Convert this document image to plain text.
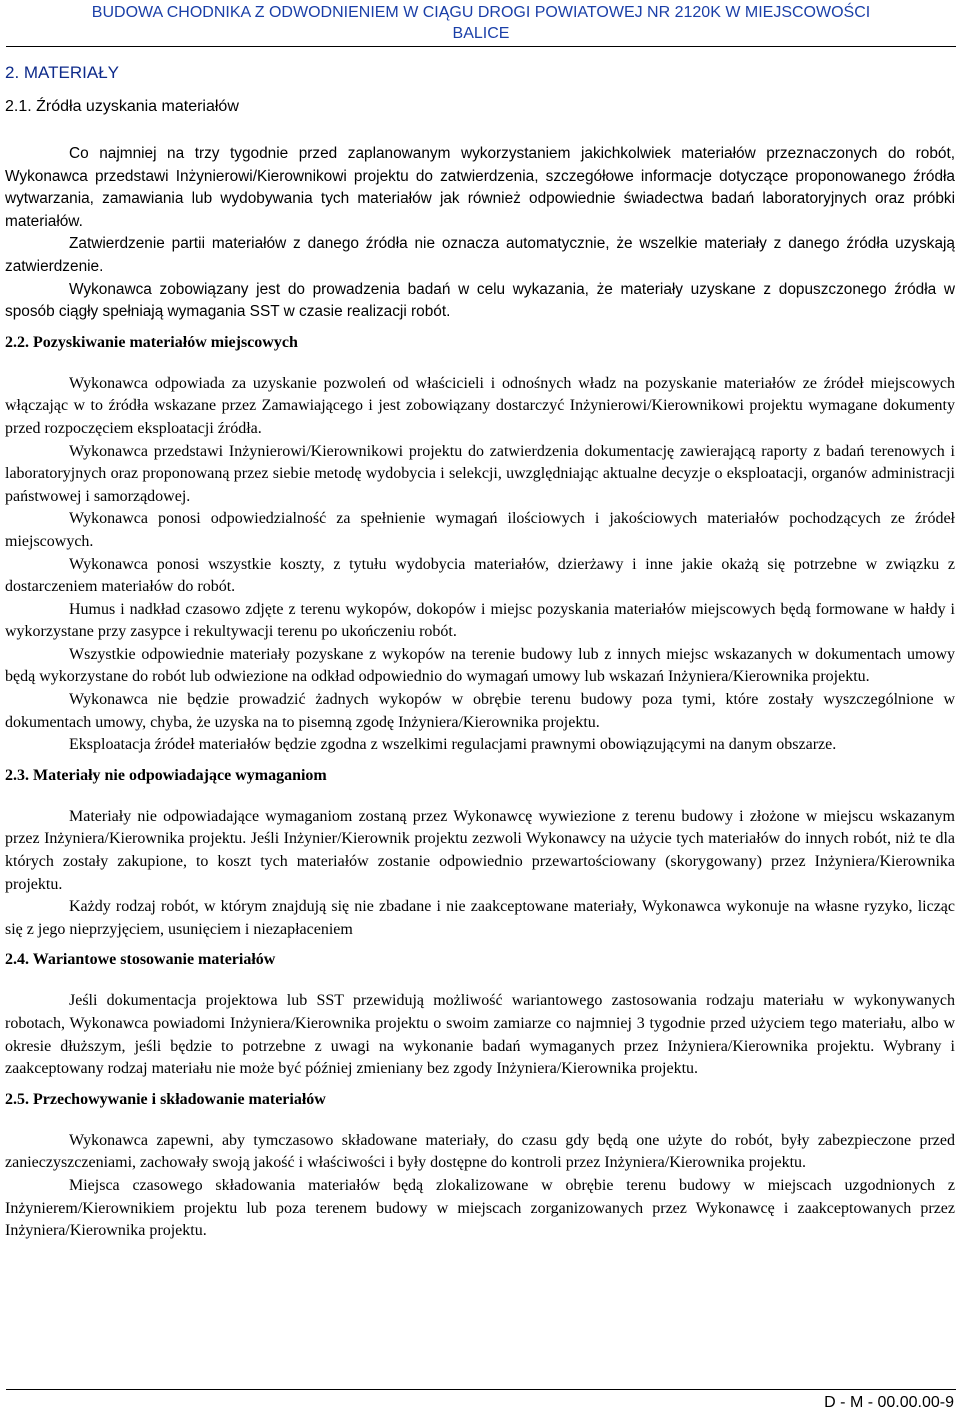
BUDOWA CHODNIKA Z ODWODNIENIEM W CIĄGU DROGI POWIATOWEJ NR 2120K W MIEJSCOWOŚCI
BALICE
2. MATERIAŁY
2.1. Źródła uzyskania materiałów

Co najmniej na trzy tygodnie przed zaplanowanym wykorzystaniem jakichkolwiek materiałów przeznaczonych do robót, Wykonawca przedstawi Inżynierowi/Kierownikowi projektu do zatwierdzenia, szczegółowe informacje dotyczące proponowanego źródła wytwarzania, zamawiania lub wydobywania tych materiałów jak również odpowiednie świadectwa badań laboratoryjnych oraz próbki materiałów.

Zatwierdzenie partii materiałów z danego źródła nie oznacza automatycznie, że wszelkie materiały z danego źródła uzyskają zatwierdzenie.

Wykonawca zobowiązany jest do prowadzenia badań w celu wykazania, że materiały uzyskane z dopuszczonego źródła w sposób ciągły spełniają wymagania SST w czasie realizacji robót.

2.2. Pozyskiwanie materiałów miejscowych

Wykonawca odpowiada za uzyskanie pozwoleń od właścicieli i odnośnych władz na pozyskanie materiałów ze źródeł miejscowych włączając w to źródła wskazane przez Zamawiającego i jest zobowiązany dostarczyć Inżynierowi/Kierownikowi projektu wymagane dokumenty przed rozpoczęciem eksploatacji źródła.

Wykonawca przedstawi Inżynierowi/Kierownikowi projektu do zatwierdzenia dokumentację zawierającą raporty z badań terenowych i laboratoryjnych oraz proponowaną przez siebie metodę wydobycia i selekcji, uwzględniając aktualne decyzje o eksploatacji, organów administracji państwowej i samorządowej.

Wykonawca ponosi odpowiedzialność za spełnienie wymagań ilościowych i jakościowych materiałów pochodzących ze źródeł miejscowych.

Wykonawca ponosi wszystkie koszty, z tytułu wydobycia materiałów, dzierżawy i inne jakie okażą się potrzebne w związku z dostarczeniem materiałów do robót.

Humus i nadkład czasowo zdjęte z terenu wykopów, dokopów i miejsc pozyskania materiałów miejscowych będą formowane w hałdy i wykorzystane przy zasypce i rekultywacji terenu po ukończeniu robót.

Wszystkie odpowiednie materiały pozyskane z wykopów na terenie budowy lub z innych miejsc wskazanych w dokumentach umowy będą wykorzystane do robót lub odwiezione na odkład odpowiednio do wymagań umowy lub wskazań Inżyniera/Kierownika projektu.

Wykonawca nie będzie prowadzić żadnych wykopów w obrębie terenu budowy poza tymi, które zostały wyszczególnione w dokumentach umowy, chyba, że uzyska na to pisemną zgodę Inżyniera/Kierownika projektu.

Eksploatacja źródeł materiałów będzie zgodna z wszelkimi regulacjami prawnymi obowiązującymi na danym obszarze.

2.3. Materiały nie odpowiadające wymaganiom

Materiały nie odpowiadające wymaganiom zostaną przez Wykonawcę wywiezione z terenu budowy i złożone w miejscu wskazanym przez Inżyniera/Kierownika projektu. Jeśli Inżynier/Kierownik projektu zezwoli Wykonawcy na użycie tych materiałów do innych robót, niż te dla których zostały zakupione, to koszt tych materiałów zostanie odpowiednio przewartościowany (skorygowany) przez Inżyniera/Kierownika projektu.

Każdy rodzaj robót, w którym znajdują się nie zbadane i nie zaakceptowane materiały, Wykonawca wykonuje na własne ryzyko, licząc się z jego nieprzyjęciem, usunięciem i niezapłaceniem

2.4. Wariantowe stosowanie materiałów

Jeśli dokumentacja projektowa lub SST przewidują możliwość wariantowego zastosowania rodzaju materiału w wykonywanych robotach, Wykonawca powiadomi Inżyniera/Kierownika projektu o swoim zamiarze co najmniej 3 tygodnie przed użyciem tego materiału, albo w okresie dłuższym, jeśli będzie to potrzebne z uwagi na wykonanie badań wymaganych przez Inżyniera/Kierownika projektu. Wybrany i zaakceptowany rodzaj materiału nie może być później zmieniany bez zgody Inżyniera/Kierownika projektu.

2.5. Przechowywanie i składowanie materiałów

Wykonawca zapewni, aby tymczasowo składowane materiały, do czasu gdy będą one użyte do robót, były zabezpieczone przed zanieczyszczeniami, zachowały swoją jakość i właściwości i były dostępne do kontroli przez Inżyniera/Kierownika projektu.

Miejsca czasowego składowania materiałów będą zlokalizowane w obrębie terenu budowy w miejscach uzgodnionych z Inżynierem/Kierownikiem projektu lub poza terenem budowy w miejscach zorganizowanych przez Wykonawcę i zaakceptowanych przez Inżyniera/Kierownika projektu.

D - M - 00.00.00-9
